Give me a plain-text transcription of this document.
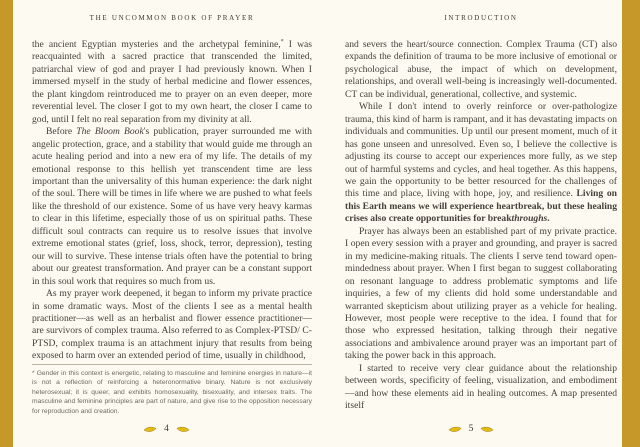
THE UNCOMMON BOOK OF PRAYER

the ancient Egyptian mysteries and the archetypal feminine,* I was reacquainted with a sacred practice that transcended the limited, patriarchal view of god and prayer I had previously known. When I immersed myself in the study of herbal medicine and flower essences, the plant kingdom reintroduced me to prayer on an even deeper, more reverential level. The closer I got to my own heart, the closer I came to god, until I felt no real separation from my divinity at all.

Before The Bloom Book's publication, prayer surrounded me with angelic protection, grace, and a stability that would guide me through an acute healing period and into a new era of my life. The details of my emotional response to this hellish yet transcendent time are less important than the universality of this human experience: the dark night of the soul. There will be times in life where we are pushed to what feels like the threshold of our existence. Some of us have very heavy karmas to clear in this lifetime, especially those of us on spiritual paths. These difficult soul contracts can require us to resolve issues that involve extreme emotional states (grief, loss, shock, terror, depression), testing our will to survive. These intense trials often have the potential to bring about our greatest transformation. And prayer can be a constant support in this soul work that requires so much from us.

As my prayer work deepened, it began to inform my private practice in some dramatic ways. Most of the clients I see as a mental health practitioner—as well as an herbalist and flower essence practitioner—are survivors of complex trauma. Also referred to as Complex-PTSD/ C-PTSD, complex trauma is an attachment injury that results from being exposed to harm over an extended period of time, usually in childhood,

* Gender in this context is energetic, relating to masculine and feminine energies in nature—it is not a reflection of reinforcing a heteronormative binary. Nature is not exclusively heterosexual; it is queer, and exhibits homosexuality, bisexuality, and intersex traits. The masculine and feminine principles are part of nature, and give rise to the opposition necessary for reproduction and creation.
4
INTRODUCTION

and severs the heart/source connection. Complex Trauma (CT) also expands the definition of trauma to be more inclusive of emotional or psychological abuse, the impact of which on development, relationships, and overall well-being is increasingly well-documented. CT can be individual, generational, collective, and systemic.

While I don't intend to overly reinforce or over-pathologize trauma, this kind of harm is rampant, and it has devastating impacts on individuals and communities. Up until our present moment, much of it has gone unseen and unresolved. Even so, I believe the collective is adjusting its course to accept our experiences more fully, as we step out of harmful systems and cycles, and heal together. As this happens, we gain the opportunity to be better resourced for the challenges of this time and place, living with hope, joy, and resilience. Living on this Earth means we will experience heartbreak, but these healing crises also create opportunities for breakthroughs.

Prayer has always been an established part of my private practice. I open every session with a prayer and grounding, and prayer is sacred in my medicine-making rituals. The clients I serve tend toward open-mindedness about prayer. When I first began to suggest collaborating on resonant language to address problematic symptoms and life inquiries, a few of my clients did hold some understandable and warranted skepticism about utilizing prayer as a vehicle for healing. However, most people were receptive to the idea. I found that for those who expressed hesitation, talking through their negative associations and ambivalence around prayer was an important part of taking the power back in this approach.

I started to receive very clear guidance about the relationship between words, specificity of feeling, visualization, and embodiment—and how these elements aid in healing outcomes. A map presented itself

5
